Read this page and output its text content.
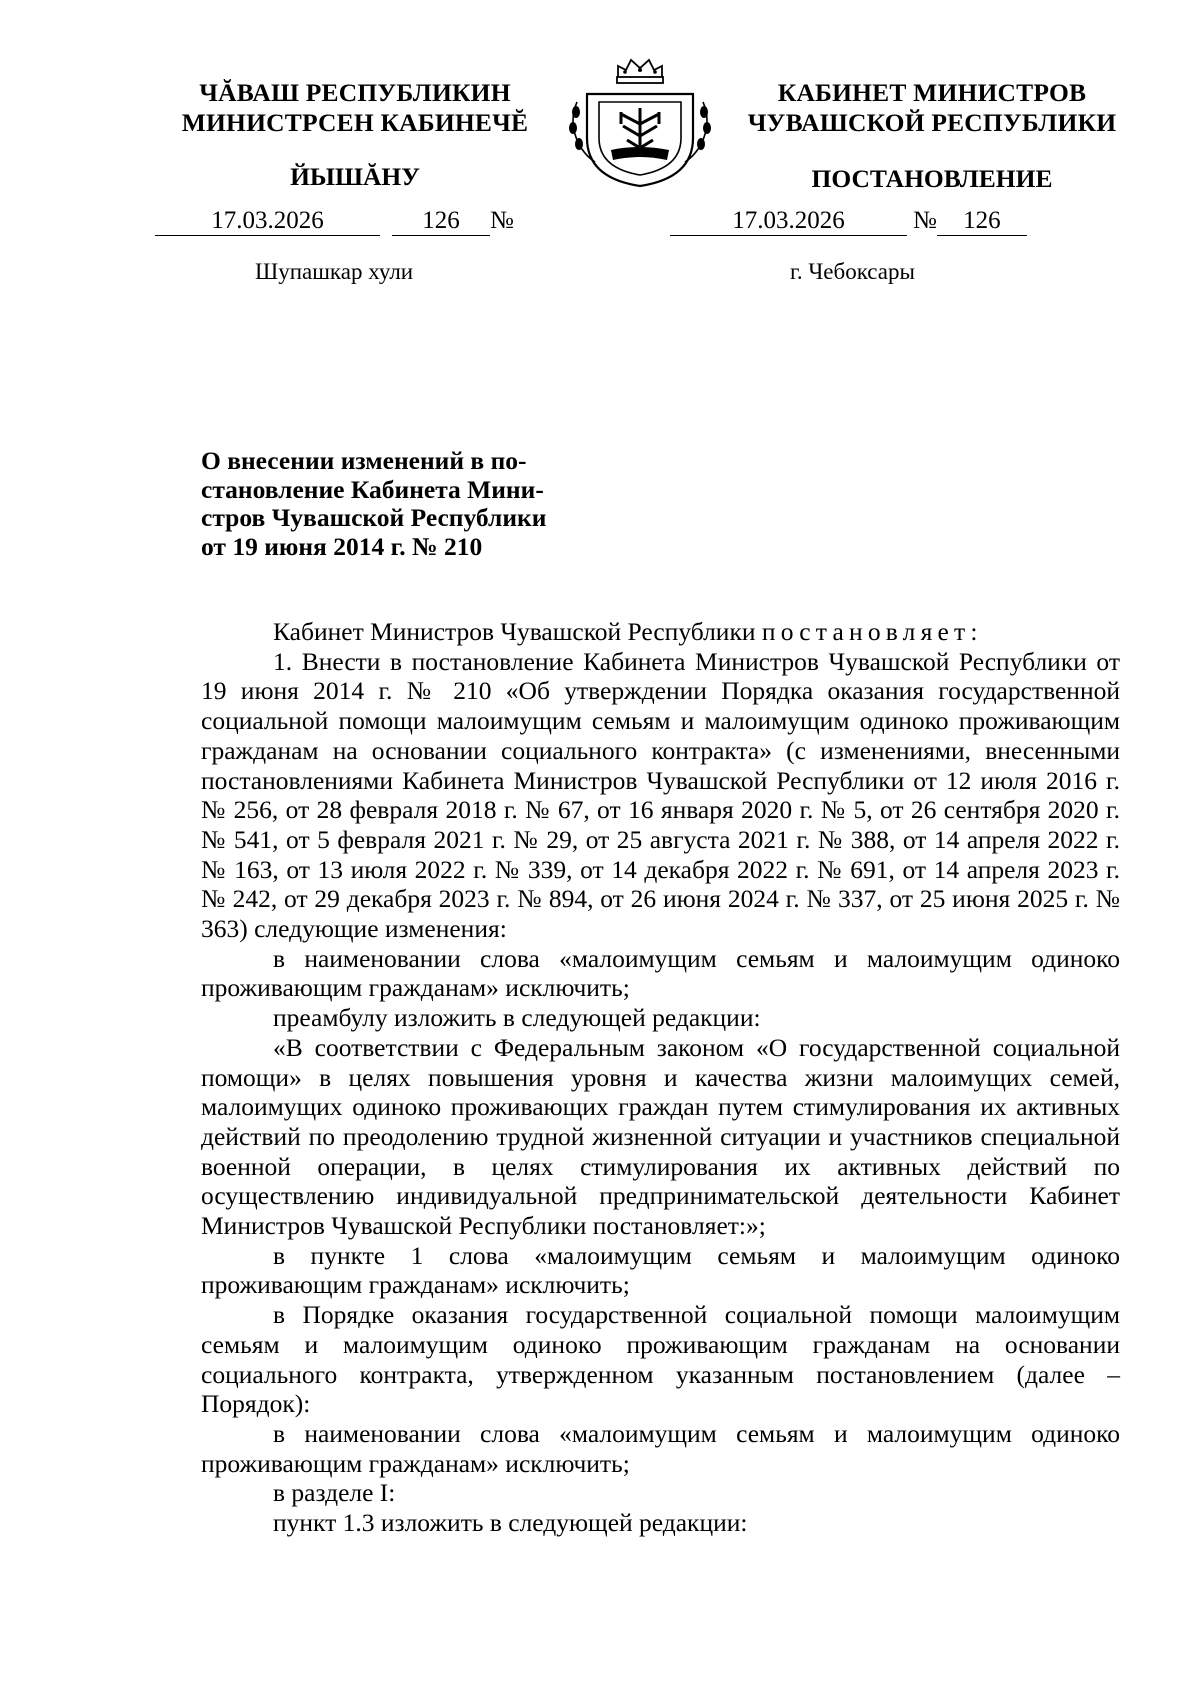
ЧĂВАШ РЕСПУБЛИКИН
МИНИСТРСЕН КАБИНЕЧĔ
ЙЫШĂНУ
КАБИНЕТ МИНИСТРОВ
ЧУВАШСКОЙ РЕСПУБЛИКИ
ПОСТАНОВЛЕНИЕ
17.03.2026	126 №	17.03.2026	№ 126
Шупашкар хули	г. Чебоксары
О внесении изменений в по-
становление Кабинета Мини-
стров Чувашской Республики
от 19 июня 2014 г. № 210

Кабинет Министров Чувашской Республики постановляет:

1. Внести в постановление Кабинета Министров Чувашской Республики от 19 июня 2014 г. № 210 «Об утверждении Порядка оказания государственной социальной помощи малоимущим семьям и малоимущим одиноко проживающим гражданам на основании социального контракта» (с изменениями, внесенными постановлениями Кабинета Министров Чувашской Республики от 12 июля 2016 г. № 256, от 28 февраля 2018 г. № 67, от 16 января 2020 г. № 5, от 26 сентября 2020 г. № 541, от 5 февраля 2021 г. № 29, от 25 августа 2021 г. № 388, от 14 апреля 2022 г. № 163, от 13 июля 2022 г. № 339, от 14 декабря 2022 г. № 691, от 14 апреля 2023 г. № 242, от 29 декабря 2023 г. № 894, от 26 июня 2024 г. № 337, от 25 июня 2025 г. № 363) следующие изменения:

в наименовании слова «малоимущим семьям и малоимущим одиноко проживающим гражданам» исключить;

преамбулу изложить в следующей редакции:

«В соответствии с Федеральным законом «О государственной социальной помощи» в целях повышения уровня и качества жизни малоимущих семей, малоимущих одиноко проживающих граждан путем стимулирования их активных действий по преодолению трудной жизненной ситуации и участников специальной военной операции, в целях стимулирования их активных действий по осуществлению индивидуальной предпринимательской деятельности Кабинет Министров Чувашской Республики постановляет:»;

в пункте 1 слова «малоимущим семьям и малоимущим одиноко проживающим гражданам» исключить;

в Порядке оказания государственной социальной помощи малоимущим семьям и малоимущим одиноко проживающим гражданам на основании социального контракта, утвержденном указанным постановлением (далее – Порядок):

в наименовании слова «малоимущим семьям и малоимущим одиноко проживающим гражданам» исключить;

в разделе I:

пункт 1.3 изложить в следующей редакции:
